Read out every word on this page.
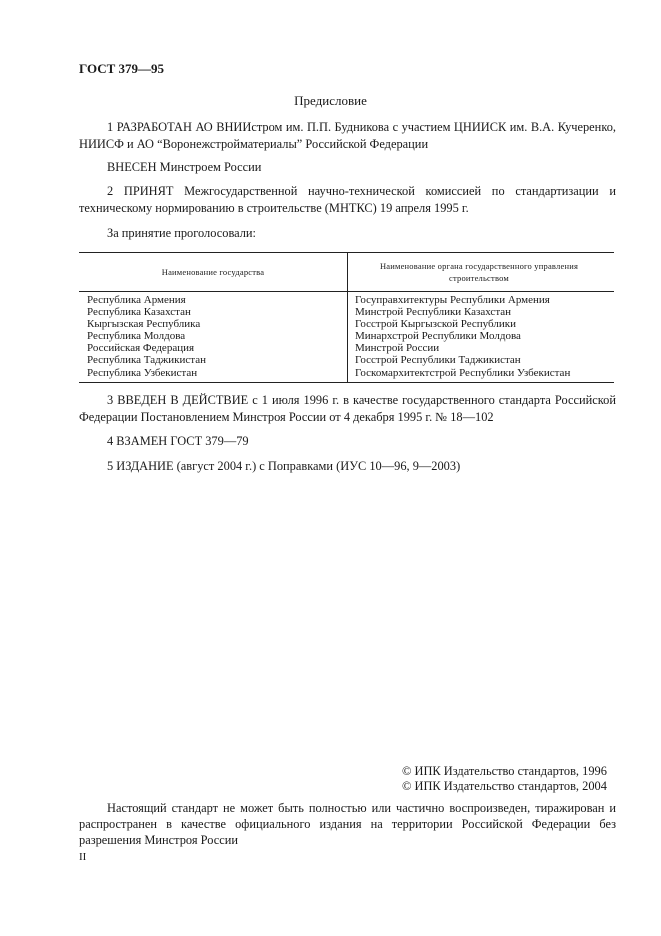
ГОСТ 379—95
Предисловие
1 РАЗРАБОТАН АО ВНИИстром им. П.П. Будникова с участием ЦНИИСК им. В.А. Кучеренко, НИИСФ и АО “Воронежстройматериалы” Российской Федерации
ВНЕСЕН Минстроем России
2 ПРИНЯТ Межгосударственной научно-технической комиссией по стандартизации и техническому нормированию в строительстве (МНТКС) 19 апреля 1995 г.
За принятие проголосовали:
Наименование государства
Наименование органа государственного управления строительством
Республика Армения
Республика Казахстан
Кыргызская Республика
Республика Молдова
Российская Федерация
Республика Таджикистан
Республика Узбекистан
Госуправхитектуры Республики Армения
Минстрой Республики Казахстан
Госстрой Кыргызской Республики
Минархстрой Республики Молдова
Минстрой России
Госстрой Республики Таджикистан
Госкомархитектстрой Республики Узбекистан
3 ВВЕДЕН В ДЕЙСТВИЕ с 1 июля 1996 г. в качестве государственного стандарта Российской Федерации Постановлением Минстроя России от 4 декабря 1995 г. № 18—102
4 ВЗАМЕН ГОСТ 379—79
5 ИЗДАНИЕ (август 2004 г.) с Поправками (ИУС 10—96, 9—2003)
© ИПК Издательство стандартов, 1996
© ИПК Издательство стандартов, 2004
Настоящий стандарт не может быть полностью или частично воспроизведен, тиражирован и распространен в качестве официального издания на территории Российской Федерации без разрешения Минстроя России
II
